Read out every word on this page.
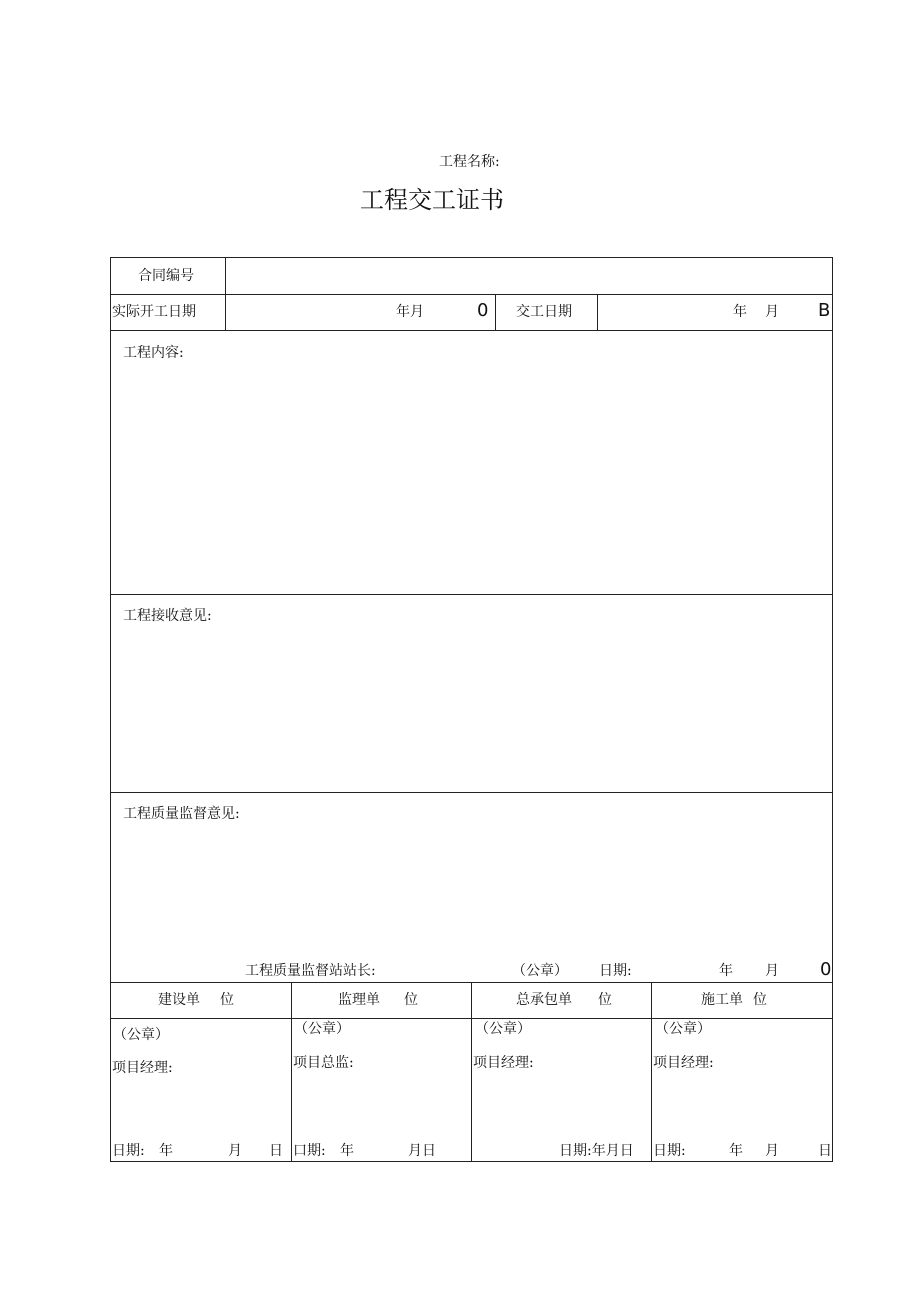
工程名称:
工程交工证书
合同编号
实际开工日期	年月	0 交工日期	年 月 B
工程内容:
工程接收意见:
工程质量监督意见:
工程质量监督站站长:	（公章） 日期:	年 月 0
建设单 位	监理单 位	总承包单 位	施工单 位
（公章）
项目经理:
日期: 年	月 日
（公章）
项目总监:
口期: 年	月日
（公章）
项目经理:
日期:年月日
（公章）
项目经理:
日期:	年 月	日
